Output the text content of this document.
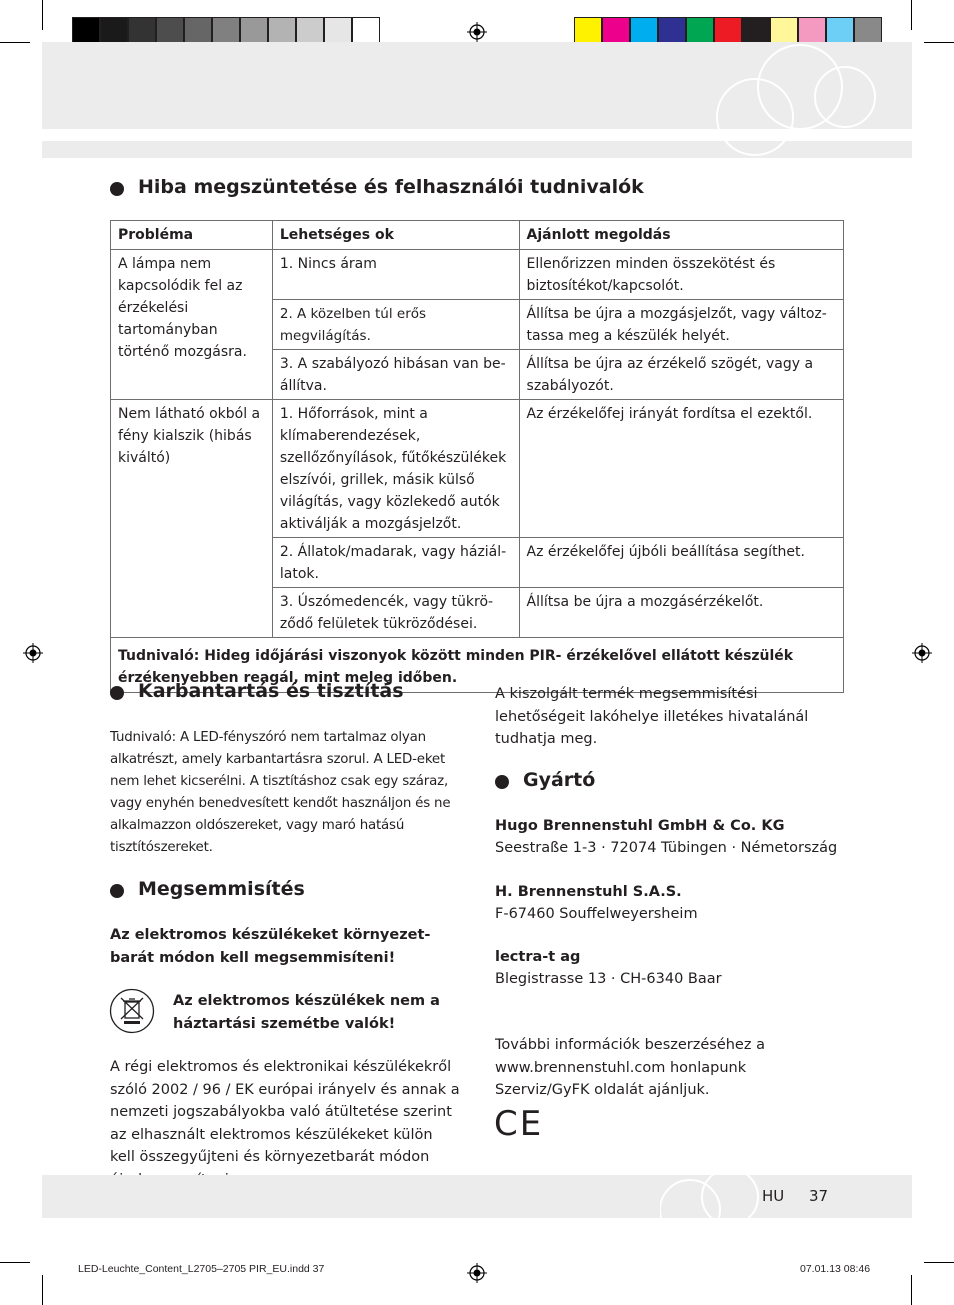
Hiba megszüntetése és felhasználói tudnivalók
Probléma	Lehetséges ok	Ajánlott megoldás
A lámpa nem kapcsolódik fel az érzékelési tartományban történő mozgásra.	1. Nincs áram	Ellenőrizzen minden összekötést és biztosítékot/kapcsolót.
	2. A közelben túl erős megvilágítás.	Állítsa be újra a mozgásjelzőt, vagy változtassa meg a készülék helyét.
	3. A szabályozó hibásan van beállítva.	Állítsa be újra az érzékelő szögét, vagy a szabályozót.
Nem látható okból a fény kialszik (hibás kiváltó)	1. Hőforrások, mint a klímaberendezések, szellőzőnyílások, fűtőkészülékek elszívói, grillek, másik külső világítás, vagy közlekedő autók aktiválják a mozgásjelzőt.	Az érzékelőfej irányát fordítsa el ezektől.
	2. Állatok/madarak, vagy háziállatok.	Az érzékelőfej újbóli beállítása segíthet.
	3. Úszómedencék, vagy tükröződő felületek tükröződései.	Állítsa be újra a mozgásérzékelőt.
Tudnivaló: Hideg időjárási viszonyok között minden PIR- érzékelővel ellátott készülék érzékenyebben reagál, mint meleg időben.		
Karbantartás és tisztítás

Tudnivaló: A LED-fényszóró nem tartalmaz olyan alkatrészt, amely karbantartásra szorul. A LED-eket nem lehet kicserélni. A tisztításhoz csak egy száraz, vagy enyhén benedvesített kendőt használjon és ne alkalmazzon oldószereket, vagy maró hatású tisztítószereket.

Megsemmisítés

Az elektromos készülékeket környezetbarát módon kell megsemmisíteni!

Az elektromos készülékek nem a háztartási szemétbe valók!

A régi elektromos és elektronikai készülékekről szóló 2002 / 96 / EK európai irányelv és annak a nemzeti jogszabályokba való átültetése szerint az elhasznált elektromos készülékeket külön kell összegyűjteni és környezetbarát módon

A kiszolgált termék megsemmisítési lehetőségeit lakóhelye illetékes hivatalánál tudhatja meg.

Gyártó

Hugo Brennenstuhl GmbH & Co. KG

Seestraße 1-3 · 72074 Tübingen · Németország

H. Brennenstuhl S.A.S.

F-67460 Souffelweyersheim

lectra-t ag

Blegistrasse 13 · CH-6340 Baar

További információk beszerzéséhez a www.brennenstuhl.com honlapunk Szerviz/GyFK oldalát ajánljuk.

CE
HU 37
LED-Leuchte_Content_L2705–2705 PIR_EU.indd 37	07.01.13 08:46
